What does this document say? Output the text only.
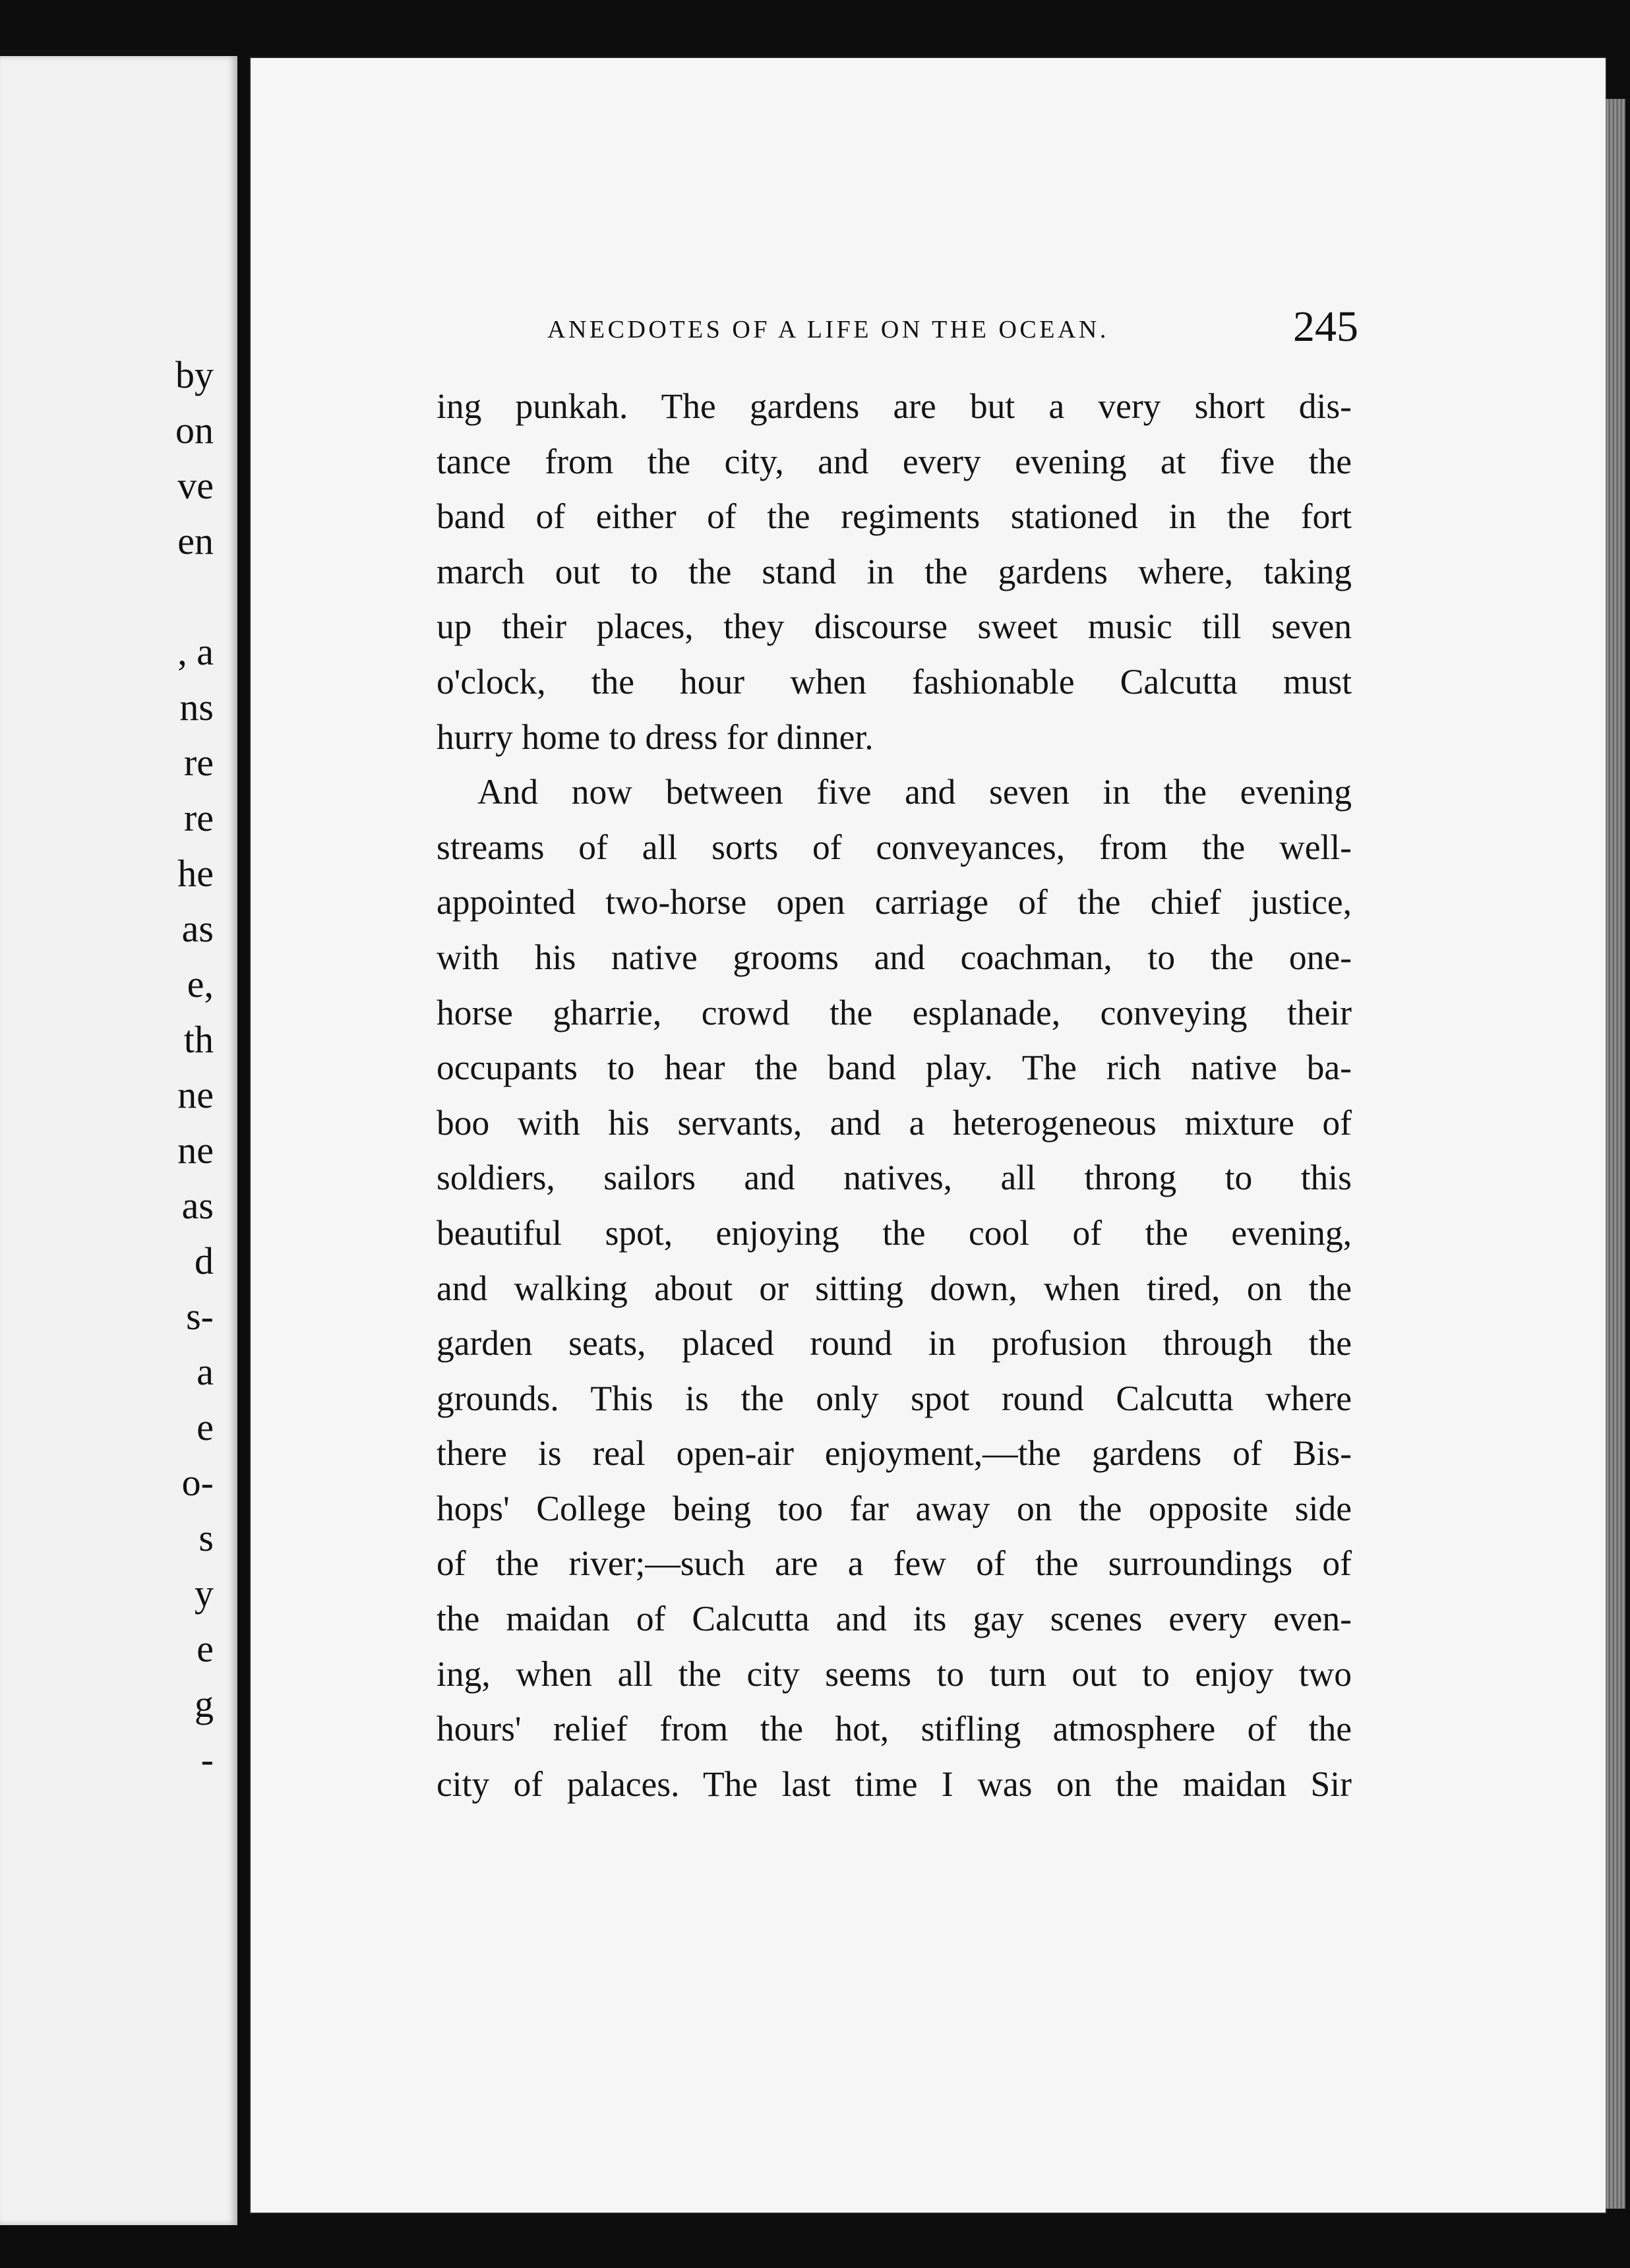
by
on
ve
en
, a
ns
re
re
he
as
e,
th
ne
ne
as
d
s-
a
e
o-
s
y
e
g
-
ANECDOTES OF A LIFE ON THE OCEAN.	245
ing punkah. The gardens are but a very short dis-
tance from the city, and every evening at five the
band of either of the regiments stationed in the fort
march out to the stand in the gardens where, taking
up their places, they discourse sweet music till seven
o'clock, the hour when fashionable Calcutta must
hurry home to dress for dinner.
And now between five and seven in the evening
streams of all sorts of conveyances, from the well-
appointed two-horse open carriage of the chief justice,
with his native grooms and coachman, to the one-
horse gharrie, crowd the esplanade, conveying their
occupants to hear the band play. The rich native ba-
boo with his servants, and a heterogeneous mixture of
soldiers, sailors and natives, all throng to this
beautiful spot, enjoying the cool of the evening,
and walking about or sitting down, when tired, on the
garden seats, placed round in profusion through the
grounds. This is the only spot round Calcutta where
there is real open-air enjoyment,—the gardens of Bis-
hops' College being too far away on the opposite side
of the river;—such are a few of the surroundings of
the maidan of Calcutta and its gay scenes every even-
ing, when all the city seems to turn out to enjoy two
hours' relief from the hot, stifling atmosphere of the
city of palaces. The last time I was on the maidan Sir
